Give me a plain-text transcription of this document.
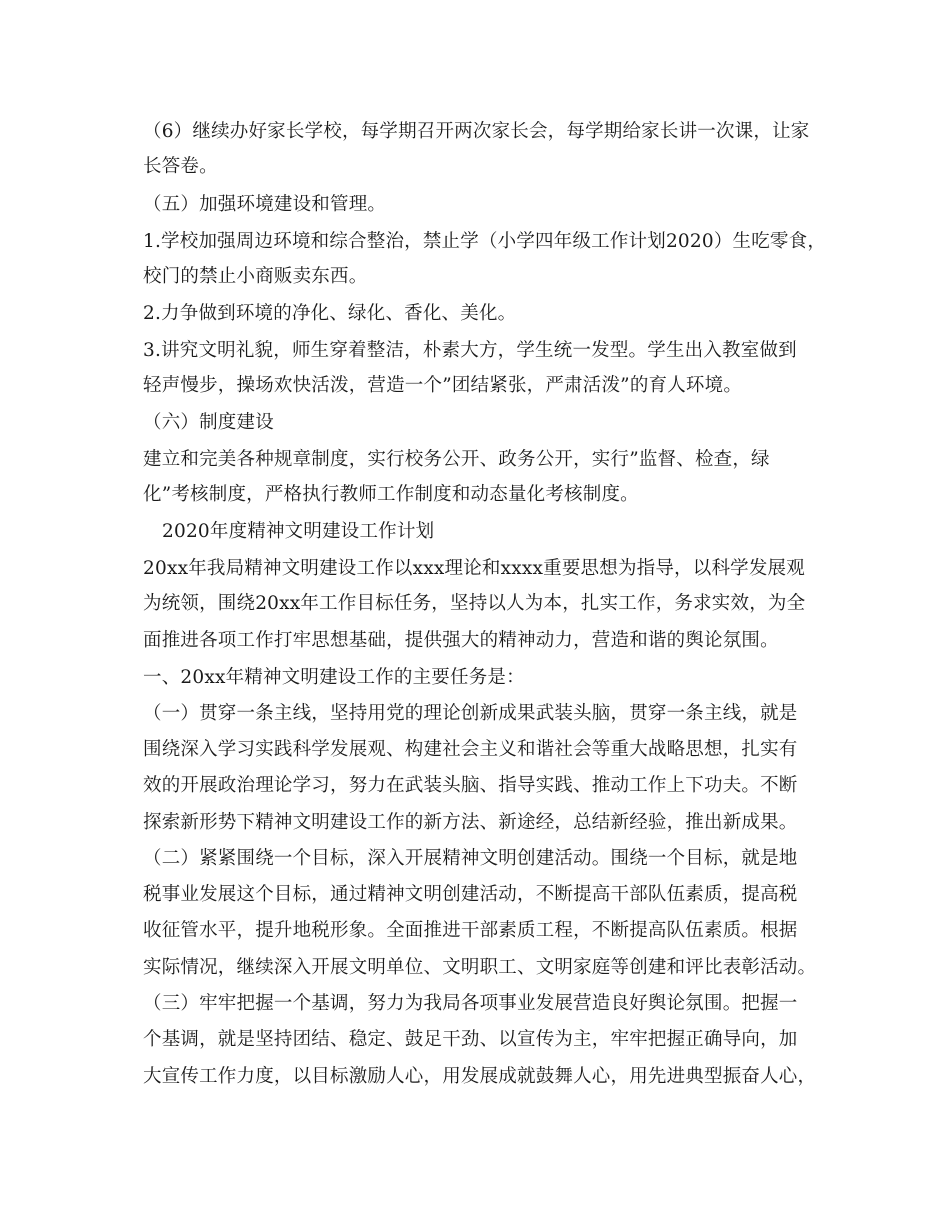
（6）继续办好家长学校，每学期召开两次家长会，每学期给家长讲一次课，让家
长答卷。
（五）加强环境建设和管理。
1.学校加强周边环境和综合整治，禁止学（小学四年级工作计划2020）生吃零食，
校门的禁止小商贩卖东西。
2.力争做到环境的净化、绿化、香化、美化。
3.讲究文明礼貌，师生穿着整洁，朴素大方，学生统一发型。学生出入教室做到
轻声慢步，操场欢快活泼，营造一个”团结紧张，严肃活泼”的育人环境。
（六）制度建设
建立和完美各种规章制度，实行校务公开、政务公开，实行”监督、检查，绿
化”考核制度，严格执行教师工作制度和动态量化考核制度。
2020年度精神文明建设工作计划
20xx年我局精神文明建设工作以xxx理论和xxxx重要思想为指导，以科学发展观
为统领，围绕20xx年工作目标任务，坚持以人为本，扎实工作，务求实效，为全
面推进各项工作打牢思想基础，提供强大的精神动力，营造和谐的舆论氛围。
一、20xx年精神文明建设工作的主要任务是：
（一）贯穿一条主线，坚持用党的理论创新成果武装头脑，贯穿一条主线，就是
围绕深入学习实践科学发展观、构建社会主义和谐社会等重大战略思想，扎实有
效的开展政治理论学习，努力在武装头脑、指导实践、推动工作上下功夫。不断
探索新形势下精神文明建设工作的新方法、新途经，总结新经验，推出新成果。
（二）紧紧围绕一个目标，深入开展精神文明创建活动。围绕一个目标，就是地
税事业发展这个目标，通过精神文明创建活动，不断提高干部队伍素质，提高税
收征管水平，提升地税形象。全面推进干部素质工程，不断提高队伍素质。根据
实际情况，继续深入开展文明单位、文明职工、文明家庭等创建和评比表彰活动。
（三）牢牢把握一个基调，努力为我局各项事业发展营造良好舆论氛围。把握一
个基调，就是坚持团结、稳定、鼓足干劲、以宣传为主，牢牢把握正确导向，加
大宣传工作力度，以目标激励人心，用发展成就鼓舞人心，用先进典型振奋人心，
